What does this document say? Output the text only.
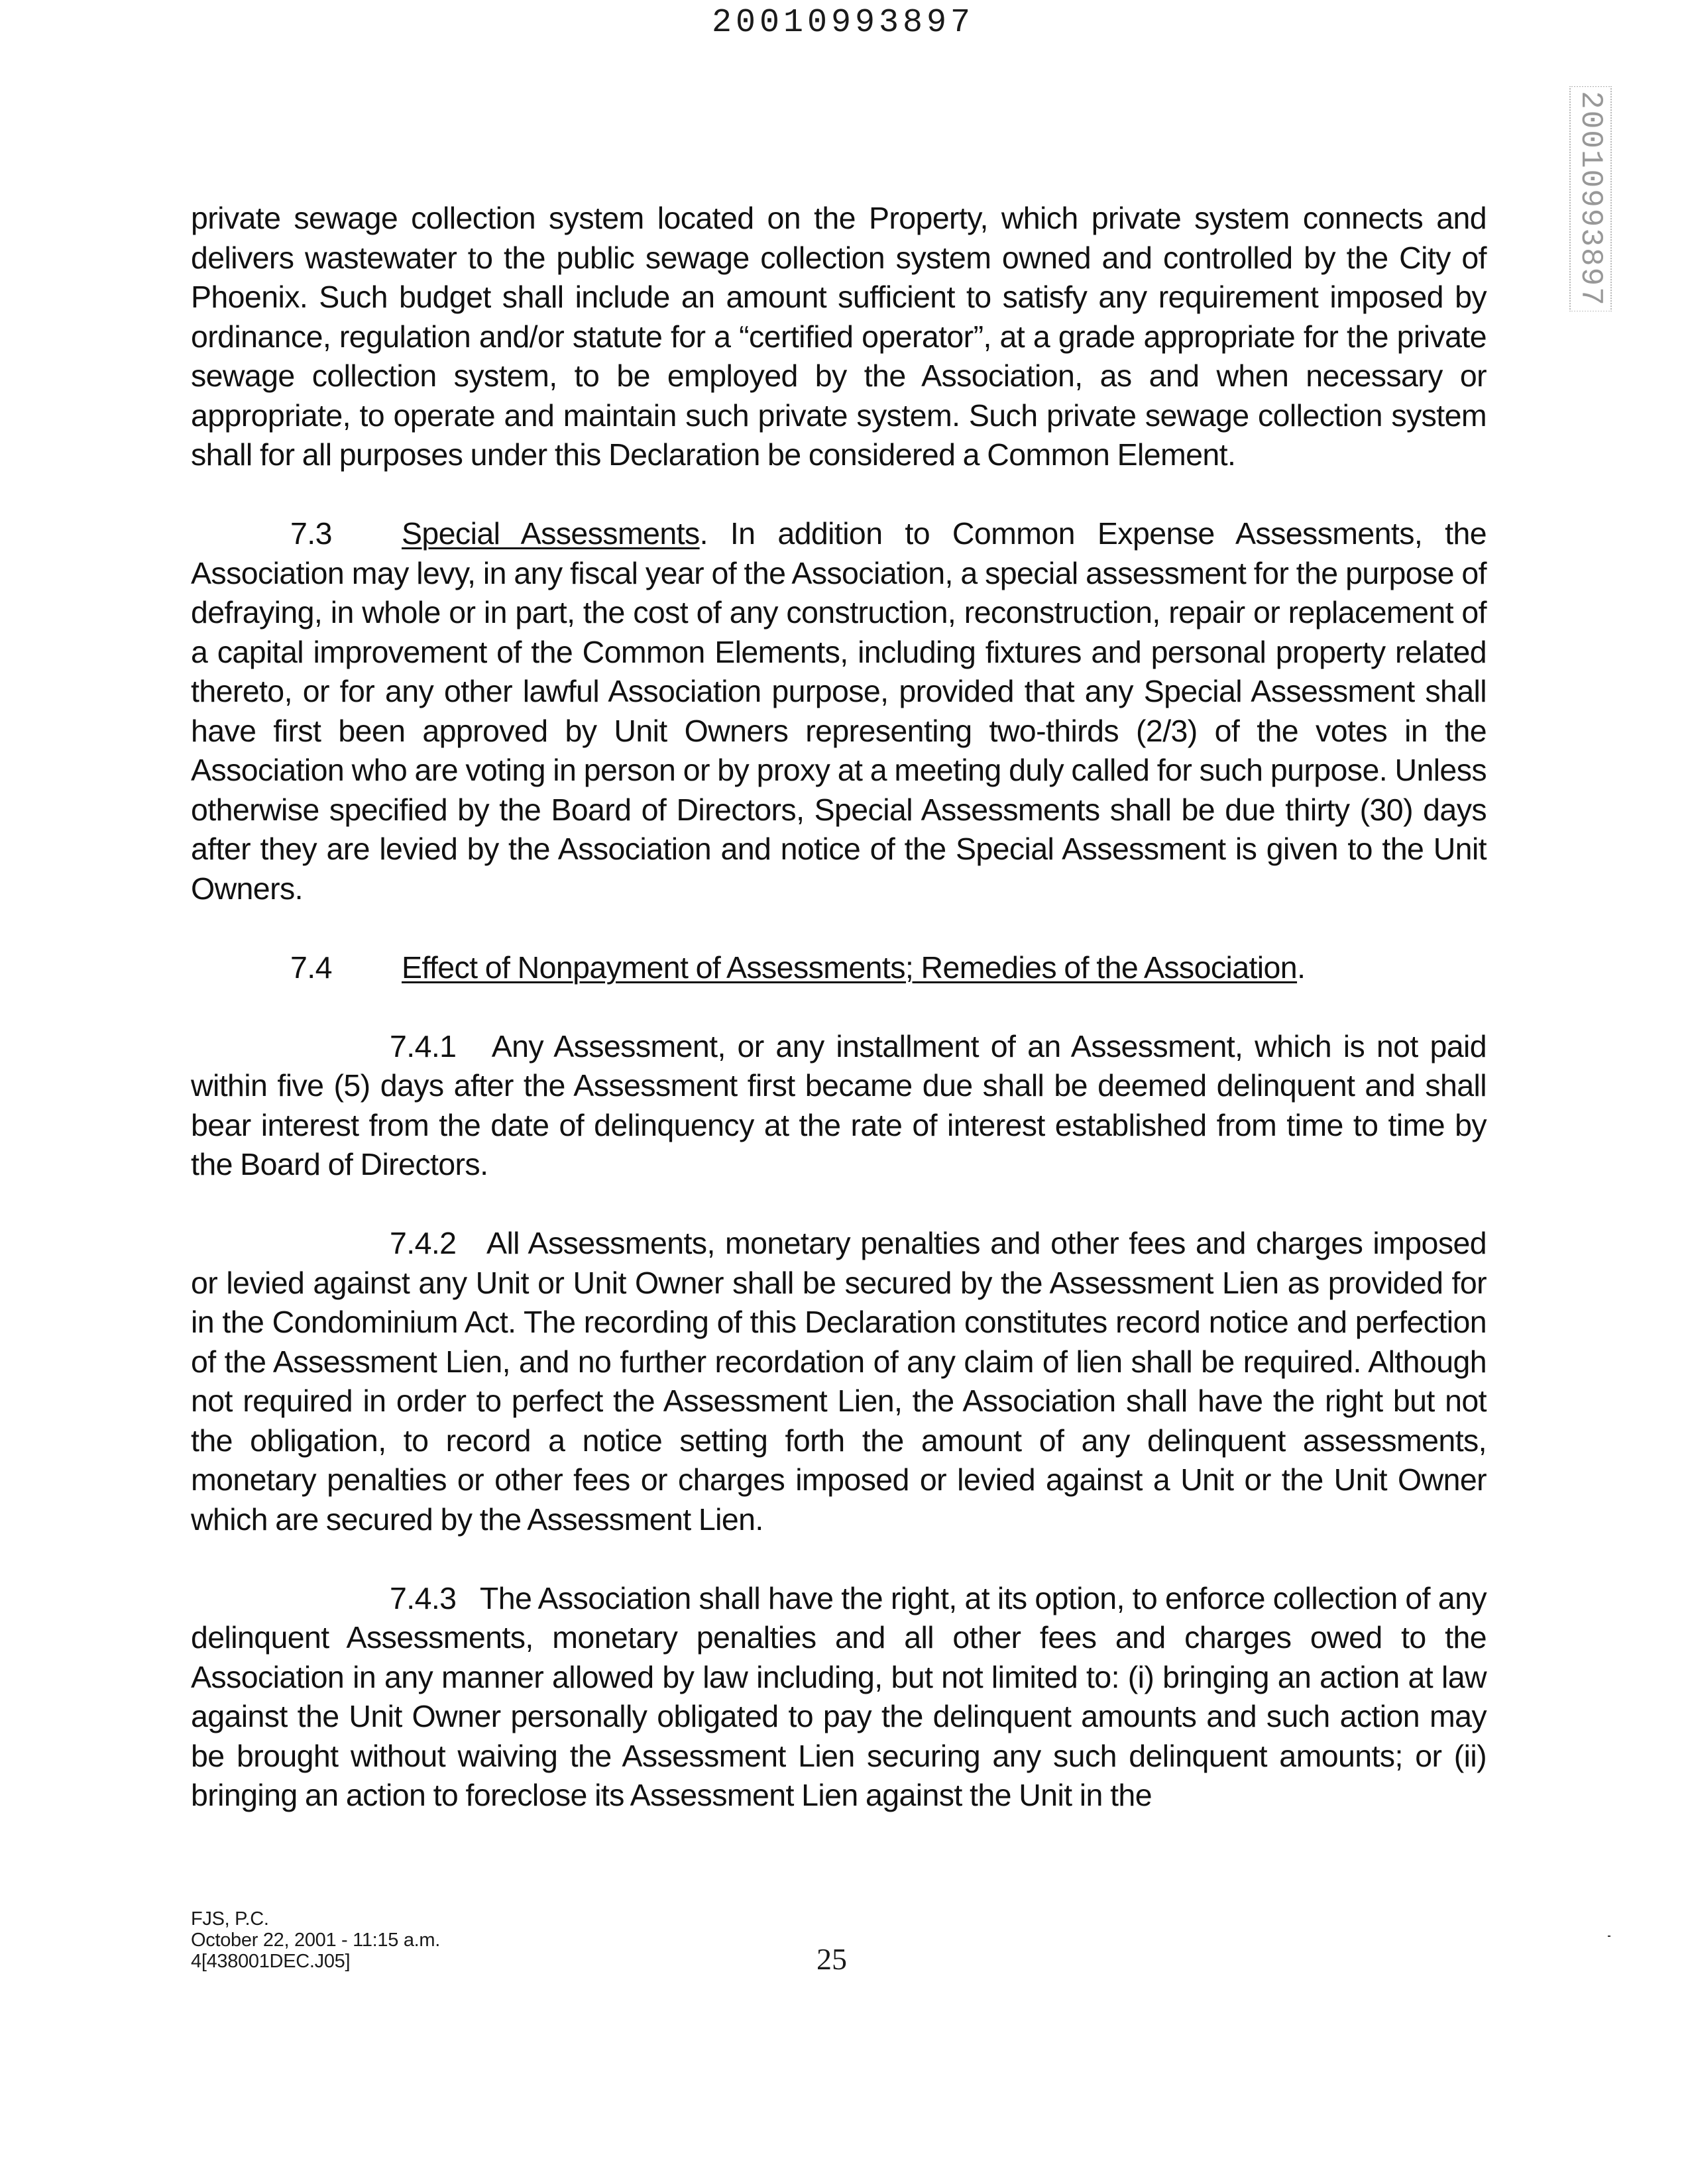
20010993897
20010993897

private sewage collection system located on the Property, which private system connects and delivers wastewater to the public sewage collection system owned and controlled by the City of Phoenix. Such budget shall include an amount sufficient to satisfy any requirement imposed by ordinance, regulation and/or statute for a “certified operator”, at a grade appropriate for the private sewage collection system, to be employed by the Association, as and when necessary or appropriate, to operate and maintain such private system. Such private sewage collection system shall for all purposes under this Declaration be considered a Common Element.

7.3 Special Assessments. In addition to Common Expense Assessments, the Association may levy, in any fiscal year of the Association, a special assessment for the purpose of defraying, in whole or in part, the cost of any construction, reconstruction, repair or replacement of a capital improvement of the Common Elements, including fixtures and personal property related thereto, or for any other lawful Association purpose, provided that any Special Assessment shall have first been approved by Unit Owners representing two-thirds (2/3) of the votes in the Association who are voting in person or by proxy at a meeting duly called for such purpose. Unless otherwise specified by the Board of Directors, Special Assessments shall be due thirty (30) days after they are levied by the Association and notice of the Special Assessment is given to the Unit Owners.

7.4 Effect of Nonpayment of Assessments; Remedies of the Association.

7.4.1 Any Assessment, or any installment of an Assessment, which is not paid within five (5) days after the Assessment first became due shall be deemed delinquent and shall bear interest from the date of delinquency at the rate of interest established from time to time by the Board of Directors.

7.4.2 All Assessments, monetary penalties and other fees and charges imposed or levied against any Unit or Unit Owner shall be secured by the Assessment Lien as provided for in the Condominium Act. The recording of this Declaration constitutes record notice and perfection of the Assessment Lien, and no further recordation of any claim of lien shall be required. Although not required in order to perfect the Assessment Lien, the Association shall have the right but not the obligation, to record a notice setting forth the amount of any delinquent assessments, monetary penalties or other fees or charges imposed or levied against a Unit or the Unit Owner which are secured by the Assessment Lien.

7.4.3 The Association shall have the right, at its option, to enforce collection of any delinquent Assessments, monetary penalties and all other fees and charges owed to the Association in any manner allowed by law including, but not limited to: (i) bringing an action at law against the Unit Owner personally obligated to pay the delinquent amounts and such action may be brought without waiving the Assessment Lien securing any such delinquent amounts; or (ii) bringing an action to foreclose its Assessment Lien against the Unit in the

FJS, P.C.
October 22, 2001 - 11:15 a.m.
4[438001DEC.J05]	25
